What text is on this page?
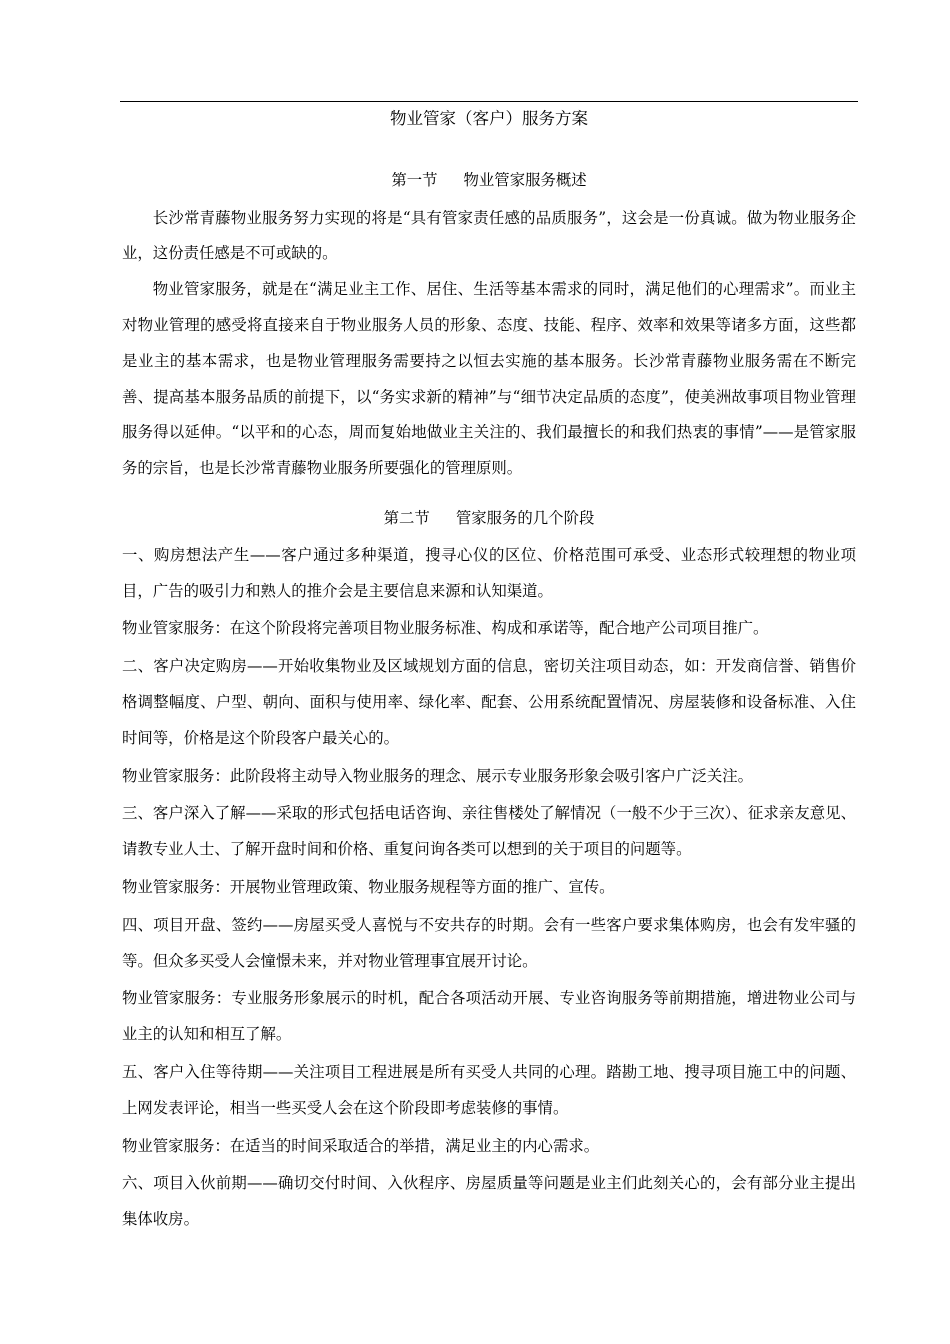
物业管家（客户）服务方案
第一节 物业管家服务概述

长沙常青藤物业服务努力实现的将是“具有管家责任感的品质服务”，这会是一份真诚。做为物业服务企业，这份责任感是不可或缺的。

物业管家服务，就是在“满足业主工作、居住、生活等基本需求的同时，满足他们的心理需求”。而业主对物业管理的感受将直接来自于物业服务人员的形象、态度、技能、程序、效率和效果等诸多方面，这些都是业主的基本需求，也是物业管理服务需要持之以恒去实施的基本服务。长沙常青藤物业服务需在不断完善、提高基本服务品质的前提下，以“务实求新的精神”与“细节决定品质的态度”，使美洲故事项目物业管理服务得以延伸。“以平和的心态，周而复始地做业主关注的、我们最擅长的和我们热衷的事情”——是管家服务的宗旨，也是长沙常青藤物业服务所要强化的管理原则。

第二节 管家服务的几个阶段

一、购房想法产生——客户通过多种渠道，搜寻心仪的区位、价格范围可承受、业态形式较理想的物业项目，广告的吸引力和熟人的推介会是主要信息来源和认知渠道。

物业管家服务：在这个阶段将完善项目物业服务标准、构成和承诺等，配合地产公司项目推广。

二、客户决定购房——开始收集物业及区域规划方面的信息，密切关注项目动态，如：开发商信誉、销售价格调整幅度、户型、朝向、面积与使用率、绿化率、配套、公用系统配置情况、房屋装修和设备标准、入住时间等，价格是这个阶段客户最关心的。

物业管家服务：此阶段将主动导入物业服务的理念、展示专业服务形象会吸引客户广泛关注。

三、客户深入了解——采取的形式包括电话咨询、亲往售楼处了解情况（一般不少于三次）、征求亲友意见、请教专业人士、了解开盘时间和价格、重复问询各类可以想到的关于项目的问题等。

物业管家服务：开展物业管理政策、物业服务规程等方面的推广、宣传。

四、项目开盘、签约——房屋买受人喜悦与不安共存的时期。会有一些客户要求集体购房，也会有发牢骚的等。但众多买受人会憧憬未来，并对物业管理事宜展开讨论。

物业管家服务：专业服务形象展示的时机，配合各项活动开展、专业咨询服务等前期措施，增进物业公司与业主的认知和相互了解。

五、客户入住等待期——关注项目工程进展是所有买受人共同的心理。踏勘工地、搜寻项目施工中的问题、上网发表评论，相当一些买受人会在这个阶段即考虑装修的事情。

物业管家服务：在适当的时间采取适合的举措，满足业主的内心需求。

六、项目入伙前期——确切交付时间、入伙程序、房屋质量等问题是业主们此刻关心的，会有部分业主提出集体收房。
